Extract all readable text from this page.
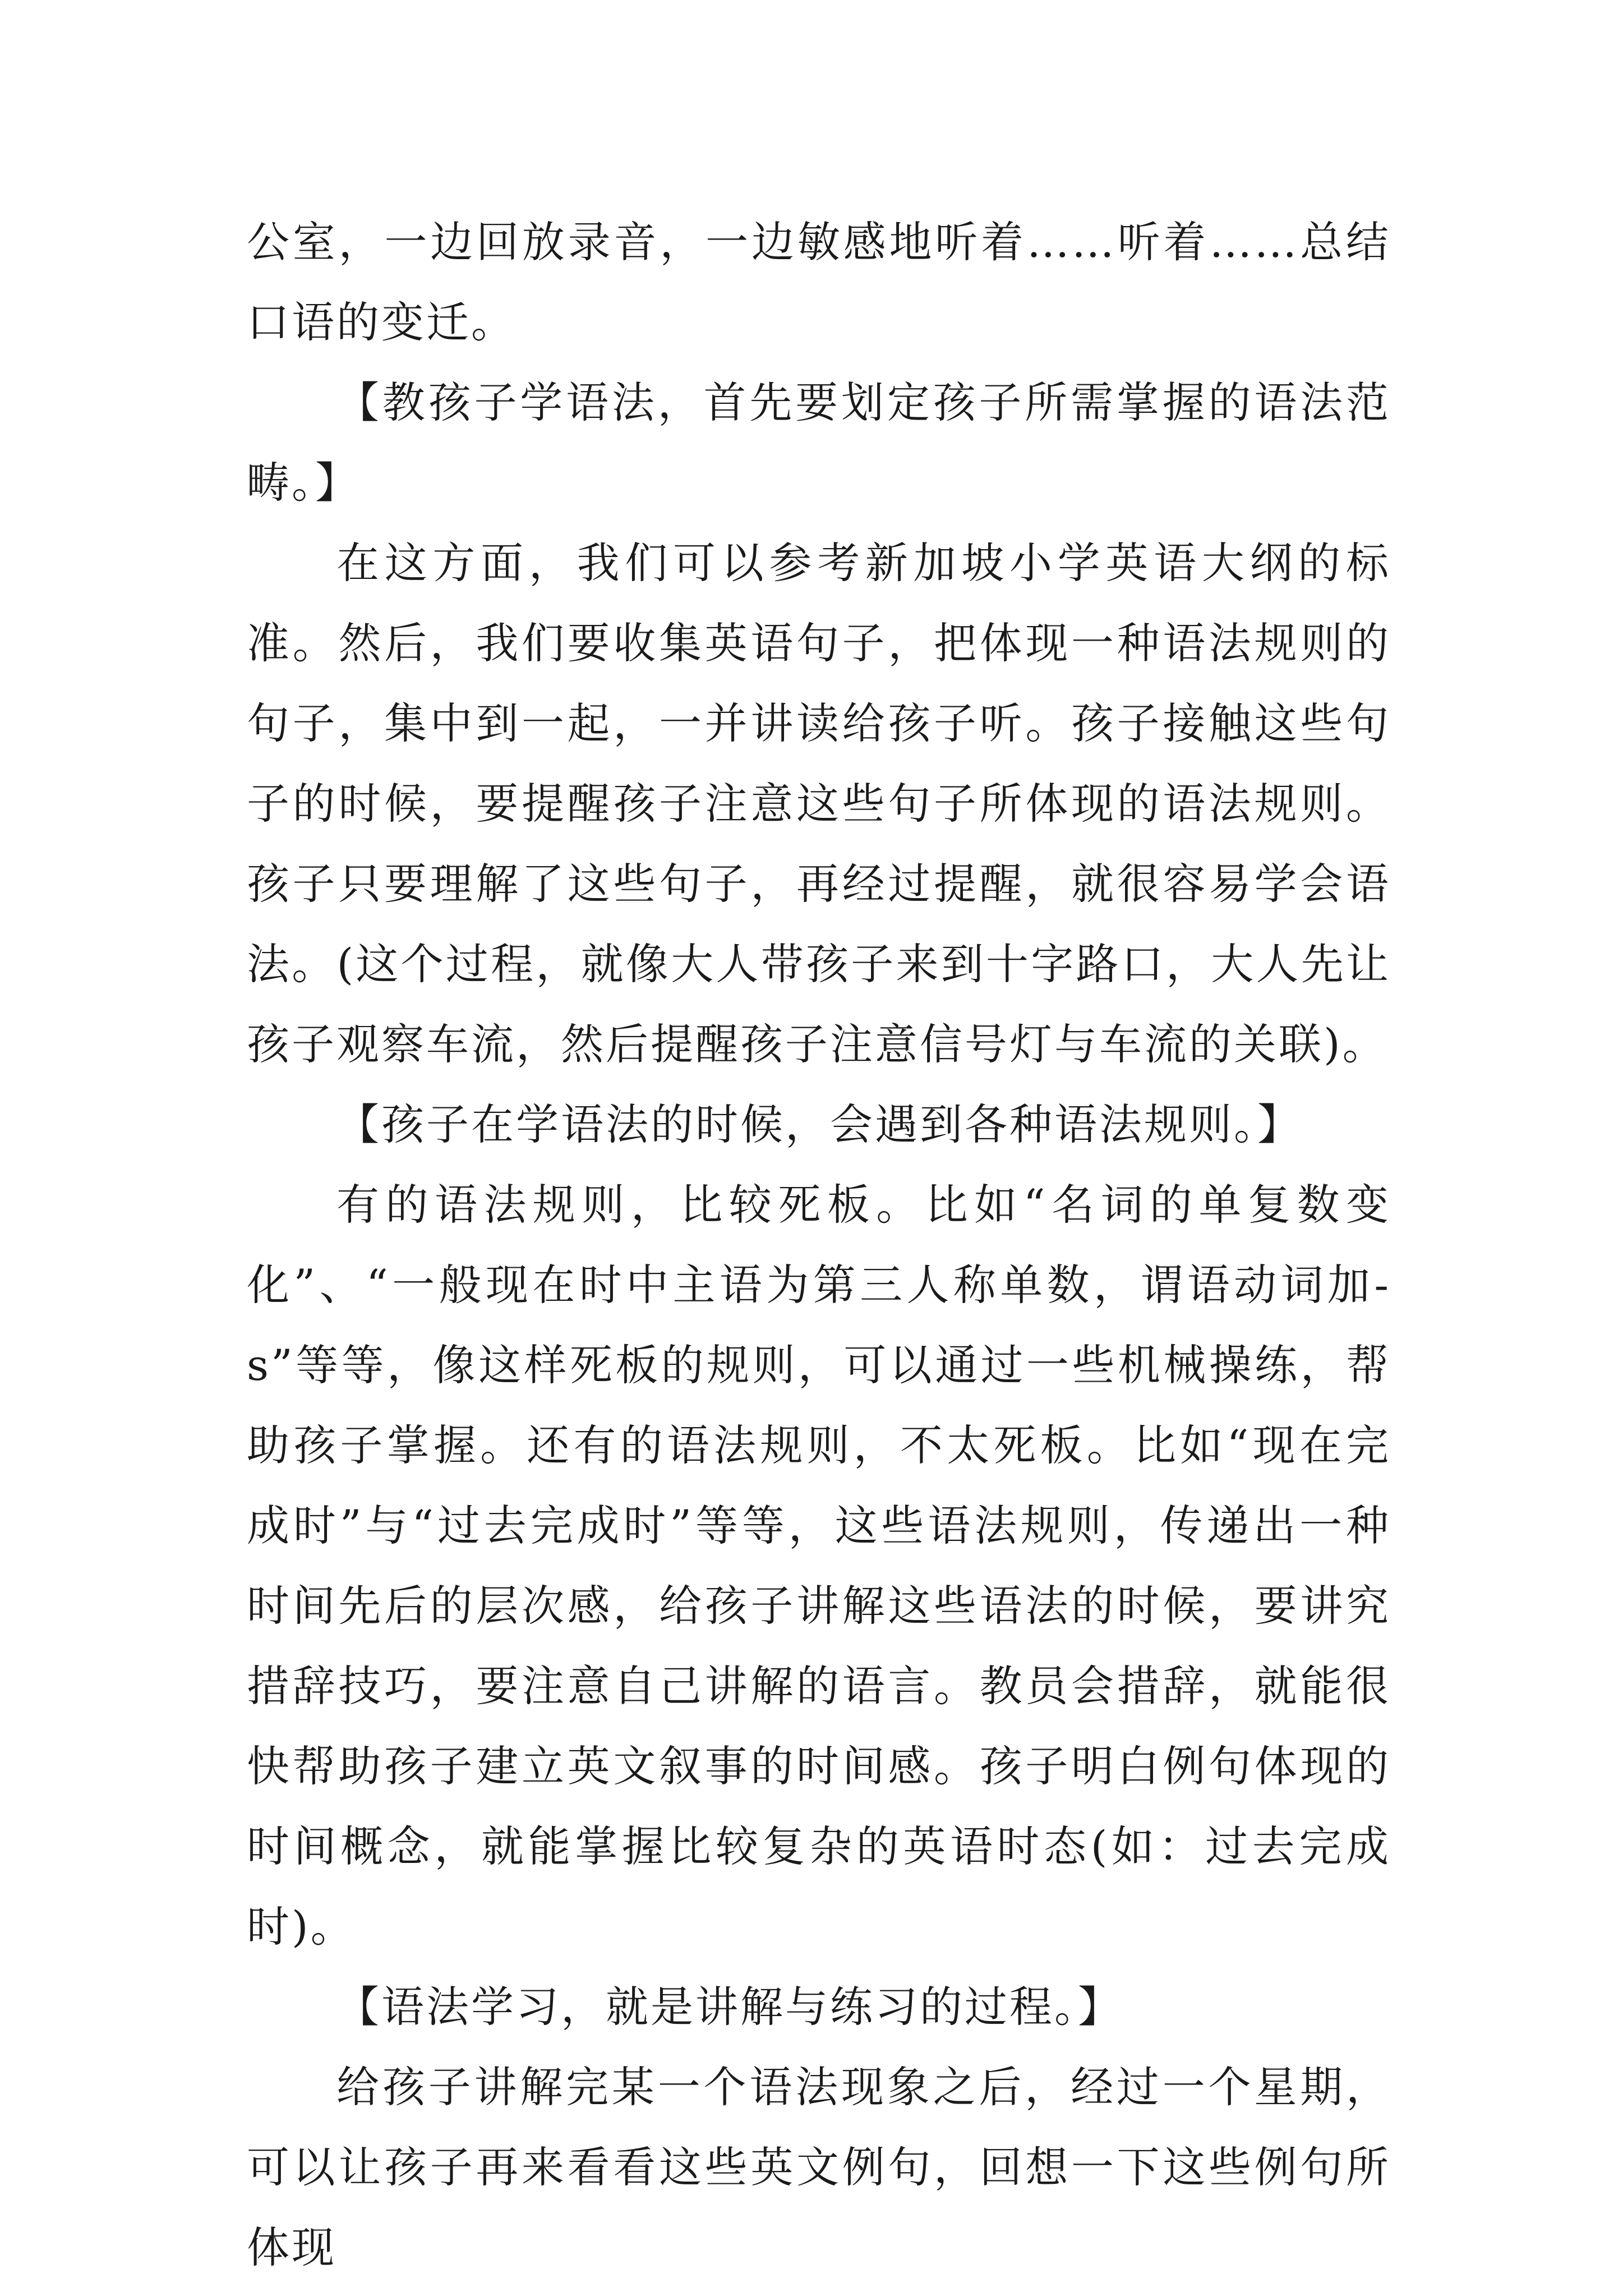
公室，一边回放录音，一边敏感地听着……听着……总结口语的变迁。

【教孩子学语法，首先要划定孩子所需掌握的语法范畴。】

在这方面，我们可以参考新加坡小学英语大纲的标准。然后，我们要收集英语句子，把体现一种语法规则的句子，集中到一起，一并讲读给孩子听。孩子接触这些句子的时候，要提醒孩子注意这些句子所体现的语法规则。孩子只要理解了这些句子，再经过提醒，就很容易学会语法。(这个过程，就像大人带孩子来到十字路口，大人先让孩子观察车流，然后提醒孩子注意信号灯与车流的关联)。

【孩子在学语法的时候，会遇到各种语法规则。】

有的语法规则，比较死板。比如“名词的单复数变化”、“一般现在时中主语为第三人称单数，谓语动词加-s”等等，像这样死板的规则，可以通过一些机械操练，帮助孩子掌握。还有的语法规则，不太死板。比如“现在完成时”与“过去完成时”等等，这些语法规则，传递出一种时间先后的层次感，给孩子讲解这些语法的时候，要讲究措辞技巧，要注意自己讲解的语言。教员会措辞，就能很快帮助孩子建立英文叙事的时间感。孩子明白例句体现的时间概念，就能掌握比较复杂的英语时态(如：过去完成时)。

【语法学习，就是讲解与练习的过程。】

给孩子讲解完某一个语法现象之后，经过一个星期，可以让孩子再来看看这些英文例句，回想一下这些例句所体现
